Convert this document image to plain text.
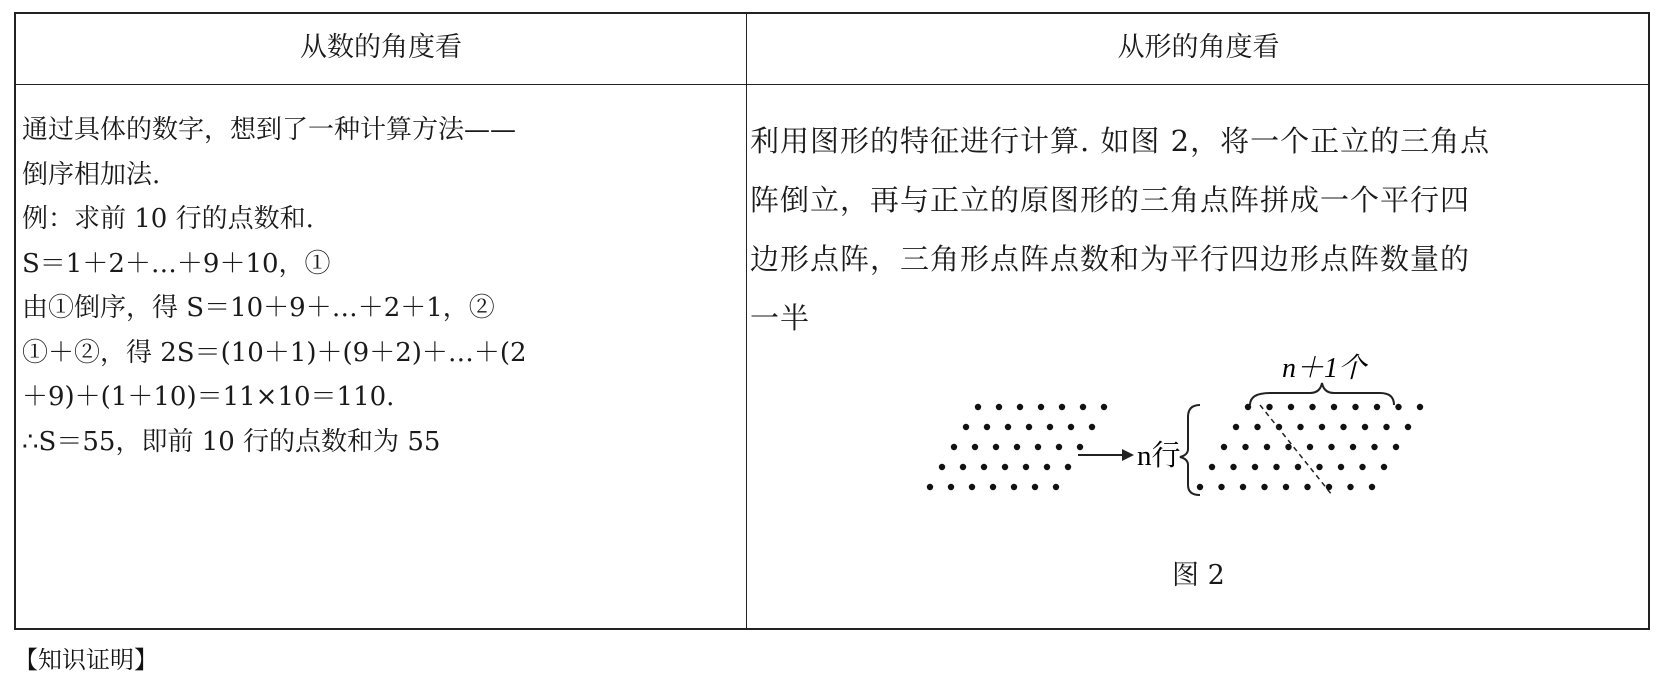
从数的角度看	从形的角度看
通过具体的数字，想到了一种计算方法——
倒序相加法.
例：求前 10 行的点数和.
S＝1＋2＋…＋9＋10，①
由①倒序，得 S＝10＋9＋…＋2＋1，②
①＋②，得 2S＝(10＋1)＋(9＋2)＋…＋(2
＋9)＋(1＋10)＝11×10＝110.
∴S＝55，即前 10 行的点数和为 55
利用图形的特征进行计算. 如图 2，将一个正立的三角点
阵倒立，再与正立的原图形的三角点阵拼成一个平行四
边形点阵，三角形点阵点数和为平行四边形点阵数量的
一半
n行
n＋1个
图 2
【知识证明】
